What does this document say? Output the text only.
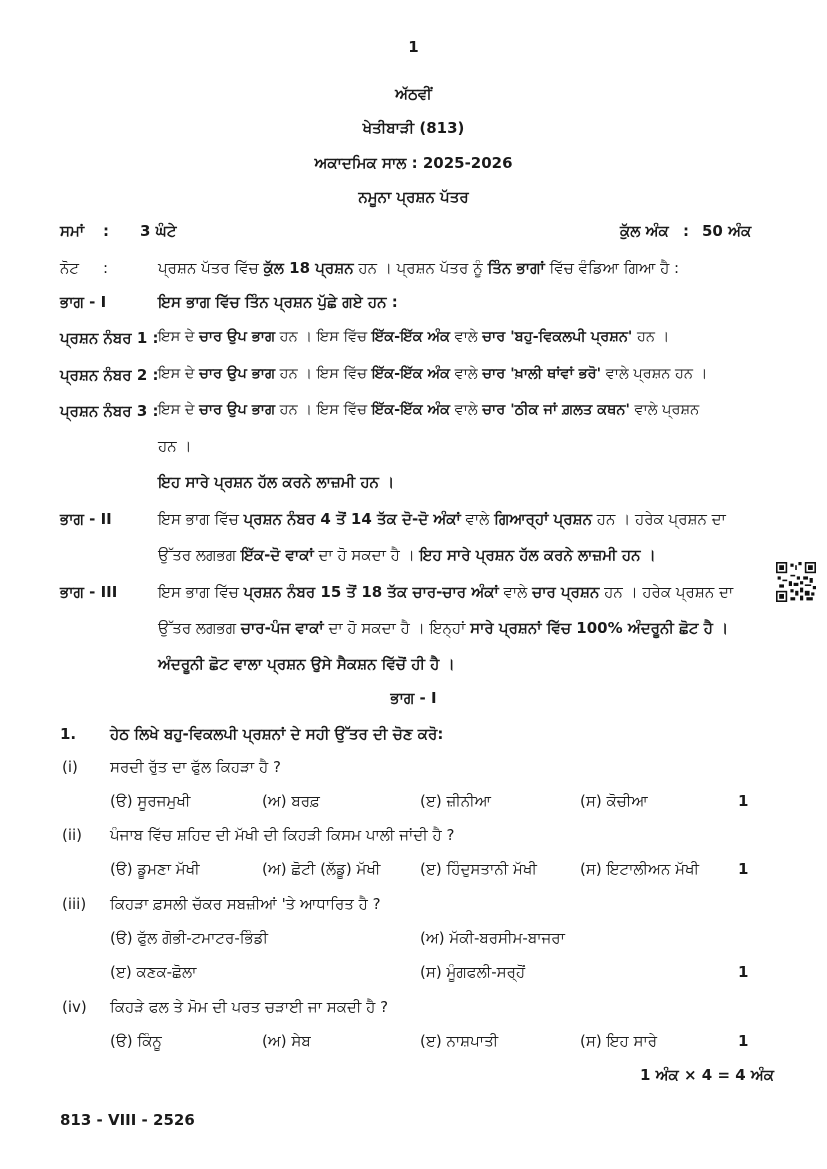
1
ਅੱਠਵੀਂ
ਖੇਤੀਬਾੜੀ (813)
ਅਕਾਦਮਿਕ ਸਾਲ : 2025-2026
ਨਮੂਨਾ ਪ੍ਰਸ਼ਨ ਪੱਤਰ
ਸਮਾਂ : 3 ਘੰਟੇ	ਕੁੱਲ ਅੰਕ : 50 ਅੰਕ
ਨੋਟ :	ਪ੍ਰਸ਼ਨ ਪੱਤਰ ਵਿੱਚ ਕੁੱਲ 18 ਪ੍ਰਸ਼ਨ ਹਨ । ਪ੍ਰਸ਼ਨ ਪੱਤਰ ਨੂੰ ਤਿੰਨ ਭਾਗਾਂ ਵਿੱਚ ਵੰਡਿਆ ਗਿਆ ਹੈ :
ਭਾਗ - I	ਇਸ ਭਾਗ ਵਿੱਚ ਤਿੰਨ ਪ੍ਰਸ਼ਨ ਪੁੱਛੇ ਗਏ ਹਨ :
ਪ੍ਰਸ਼ਨ ਨੰਬਰ 1 : ਇਸ ਦੇ ਚਾਰ ਉਪ ਭਾਗ ਹਨ । ਇਸ ਵਿੱਚ ਇੱਕ-ਇੱਕ ਅੰਕ ਵਾਲੇ ਚਾਰ 'ਬਹੁ-ਵਿਕਲਪੀ ਪ੍ਰਸ਼ਨ' ਹਨ ।
ਪ੍ਰਸ਼ਨ ਨੰਬਰ 2 : ਇਸ ਦੇ ਚਾਰ ਉਪ ਭਾਗ ਹਨ । ਇਸ ਵਿੱਚ ਇੱਕ-ਇੱਕ ਅੰਕ ਵਾਲੇ ਚਾਰ 'ਖ਼ਾਲੀ ਥਾਂਵਾਂ ਭਰੋ' ਵਾਲੇ ਪ੍ਰਸ਼ਨ ਹਨ ।
ਪ੍ਰਸ਼ਨ ਨੰਬਰ 3 : ਇਸ ਦੇ ਚਾਰ ਉਪ ਭਾਗ ਹਨ । ਇਸ ਵਿੱਚ ਇੱਕ-ਇੱਕ ਅੰਕ ਵਾਲੇ ਚਾਰ 'ਠੀਕ ਜਾਂ ਗ਼ਲਤ ਕਥਨ' ਵਾਲੇ ਪ੍ਰਸ਼ਨ
ਹਨ ।
ਇਹ ਸਾਰੇ ਪ੍ਰਸ਼ਨ ਹੱਲ ਕਰਨੇ ਲਾਜ਼ਮੀ ਹਨ ।
ਭਾਗ - II	ਇਸ ਭਾਗ ਵਿੱਚ ਪ੍ਰਸ਼ਨ ਨੰਬਰ 4 ਤੋਂ 14 ਤੱਕ ਦੋ-ਦੋ ਅੰਕਾਂ ਵਾਲੇ ਗਿਆਰ੍ਹਾਂ ਪ੍ਰਸ਼ਨ ਹਨ । ਹਰੇਕ ਪ੍ਰਸ਼ਨ ਦਾ
ਉੱਤਰ ਲਗਭਗ ਇੱਕ-ਦੋ ਵਾਕਾਂ ਦਾ ਹੋ ਸਕਦਾ ਹੈ । ਇਹ ਸਾਰੇ ਪ੍ਰਸ਼ਨ ਹੱਲ ਕਰਨੇ ਲਾਜ਼ਮੀ ਹਨ ।
ਭਾਗ - III	ਇਸ ਭਾਗ ਵਿੱਚ ਪ੍ਰਸ਼ਨ ਨੰਬਰ 15 ਤੋਂ 18 ਤੱਕ ਚਾਰ-ਚਾਰ ਅੰਕਾਂ ਵਾਲੇ ਚਾਰ ਪ੍ਰਸ਼ਨ ਹਨ । ਹਰੇਕ ਪ੍ਰਸ਼ਨ ਦਾ
ਉੱਤਰ ਲਗਭਗ ਚਾਰ-ਪੰਜ ਵਾਕਾਂ ਦਾ ਹੋ ਸਕਦਾ ਹੈ । ਇਨ੍ਹਾਂ ਸਾਰੇ ਪ੍ਰਸ਼ਨਾਂ ਵਿੱਚ 100% ਅੰਦਰੂਨੀ ਛੋਟ ਹੈ ।
ਅੰਦਰੂਨੀ ਛੋਟ ਵਾਲਾ ਪ੍ਰਸ਼ਨ ਉਸੇ ਸੈਕਸ਼ਨ ਵਿੱਚੋਂ ਹੀ ਹੈ ।
ਭਾਗ - I
1. ਹੇਠ ਲਿਖੇ ਬਹੁ-ਵਿਕਲਪੀ ਪ੍ਰਸ਼ਨਾਂ ਦੇ ਸਹੀ ਉੱਤਰ ਦੀ ਚੋਣ ਕਰੋ:
(i) ਸਰਦੀ ਰੁੱਤ ਦਾ ਫੁੱਲ ਕਿਹੜਾ ਹੈ ?
(ੳ) ਸੂਰਜਮੁਖੀ	(ਅ) ਬਰਫ਼	(ੲ) ਜ਼ੀਨੀਆ	(ਸ) ਕੋਚੀਆ	1
(ii) ਪੰਜਾਬ ਵਿੱਚ ਸ਼ਹਿਦ ਦੀ ਮੱਖੀ ਦੀ ਕਿਹੜੀ ਕਿਸਮ ਪਾਲੀ ਜਾਂਦੀ ਹੈ ?
(ੳ) ਡੂਮਣਾ ਮੱਖੀ	(ਅ) ਛੋਟੀ (ਲੱਡੂ) ਮੱਖੀ	(ੲ) ਹਿੰਦੁਸਤਾਨੀ ਮੱਖੀ	(ਸ) ਇਟਾਲੀਅਨ ਮੱਖੀ	1
(iii) ਕਿਹੜਾ ਫ਼ਸਲੀ ਚੱਕਰ ਸਬਜ਼ੀਆਂ 'ਤੇ ਆਧਾਰਿਤ ਹੈ ?
(ੳ) ਫੁੱਲ ਗੋਭੀ-ਟਮਾਟਰ-ਭਿੰਡੀ	(ਅ) ਮੱਕੀ-ਬਰਸੀਮ-ਬਾਜਰਾ
(ੲ) ਕਣਕ-ਛੋਲਾ	(ਸ) ਮੂੰਗਫਲੀ-ਸਰ੍ਹੋਂ	1
(iv) ਕਿਹੜੇ ਫਲ ਤੇ ਮੋਮ ਦੀ ਪਰਤ ਚੜਾਈ ਜਾ ਸਕਦੀ ਹੈ ?
(ੳ) ਕਿੰਨੂ	(ਅ) ਸੇਬ	(ੲ) ਨਾਸ਼ਪਾਤੀ	(ਸ) ਇਹ ਸਾਰੇ	1
1 ਅੰਕ × 4 = 4 ਅੰਕ
813 - VIII - 2526
